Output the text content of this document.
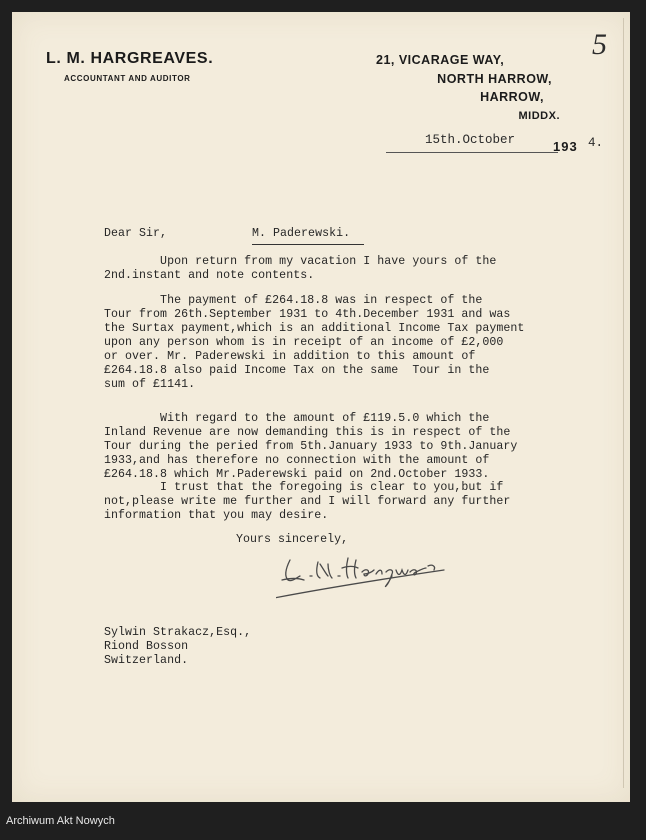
5
L. M. HARGREAVES.
ACCOUNTANT AND AUDITOR
21, VICARAGE WAY,
NORTH HARROW,
HARROW,
MIDDX.
15th.October	193 4.
Dear Sir,	M. Paderewski.
Upon return from my vacation I have yours of the
2nd.instant and note contents.
The payment of £264.18.8 was in respect of the
Tour from 26th.September 1931 to 4th.December 1931 and was
the Surtax payment,which is an additional Income Tax payment
upon any person whom is in receipt of an income of £2,000
or over. Mr. Paderewski in addition to this amount of
£264.18.8 also paid Income Tax on the same  Tour in the
sum of £1141.
With regard to the amount of £119.5.0 which the
Inland Revenue are now demanding this is in respect of the
Tour during the peried from 5th.January 1933 to 9th.January
1933,and has therefore no connection with the amount of
£264.18.8 which Mr.Paderewski paid on 2nd.October 1933.
I trust that the foregoing is clear to you,but if
not,please write me further and I will forward any further
information that you may desire.
Yours sincerely,
Sylwin Strakacz,Esq.,
Riond Bosson
Switzerland.
Archiwum Akt Nowych
